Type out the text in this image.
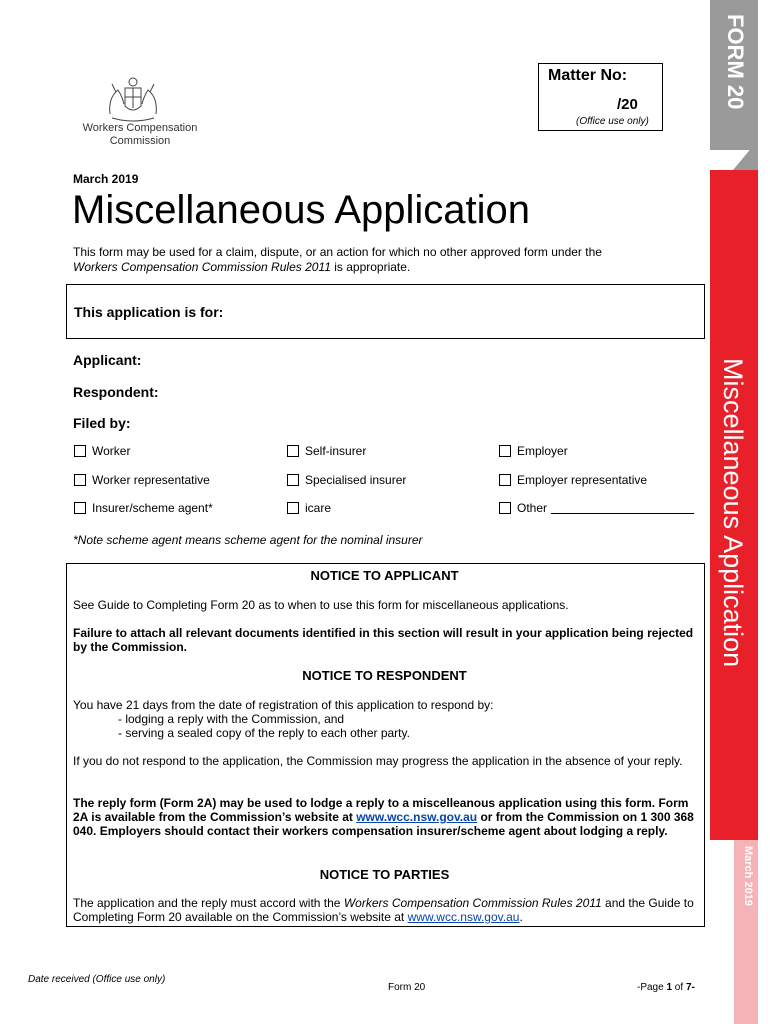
FORM 20
Miscellaneous Application
March 2019
Workers Compensation
Commission
Matter No:
/20
(Office use only)
March 2019
Miscellaneous Application
This form may be used for a claim, dispute, or an action for which no other approved form under the
Workers Compensation Commission Rules 2011 is appropriate.
This application is for:
Applicant:
Respondent:
Filed by:
Worker	Self-insurer	Employer
Worker representative	Specialised insurer	Employer representative
Insurer/scheme agent*	icare	Other
*Note scheme agent means scheme agent for the nominal insurer
NOTICE TO APPLICANT
See Guide to Completing Form 20 as to when to use this form for miscellaneous applications.
Failure to attach all relevant documents identified in this section will result in your application being rejected by the Commission.
NOTICE TO RESPONDENT
You have 21 days from the date of registration of this application to respond by:
- lodging a reply with the Commission, and
- serving a sealed copy of the reply to each other party.
If you do not respond to the application, the Commission may progress the application in the absence of your reply.
The reply form (Form 2A) may be used to lodge a reply to a miscelleanous application using this form. Form 2A is available from the Commission’s website at www.wcc.nsw.gov.au or from the Commission on 1 300 368 040. Employers should contact their workers compensation insurer/scheme agent about lodging a reply.
NOTICE TO PARTIES
The application and the reply must accord with the Workers Compensation Commission Rules 2011 and the Guide to Completing Form 20 available on the Commission’s website at www.wcc.nsw.gov.au.
Date received (Office use only)
Form 20	-Page 1 of 7-
